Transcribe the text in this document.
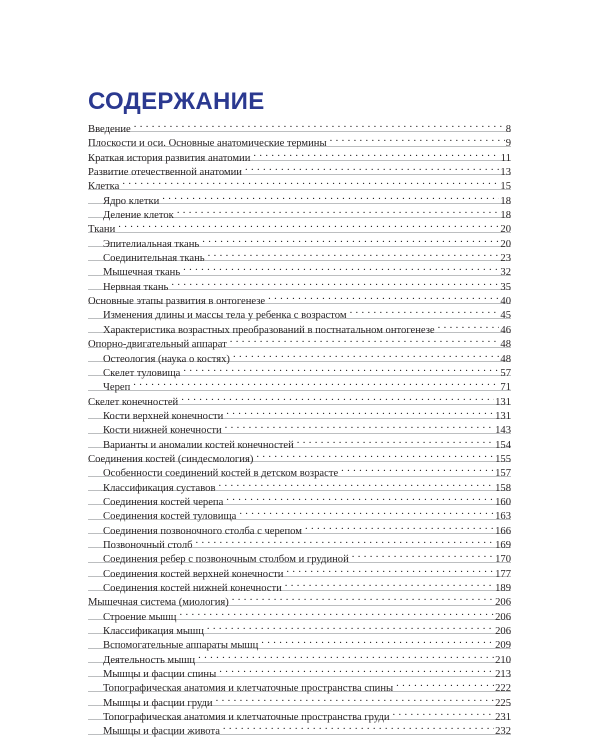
СОДЕРЖАНИЕ
Введение . . .	8
Плоскости и оси. Основные анатомические термины . . .	9
Краткая история развития анатомии . . .	11
Развитие отечественной анатомии . . .	13
Клетка . . .	15
Ядро клетки . . .	18
Деление клеток . . .	18
Ткани . . .	20
Эпителиальная ткань . . .	20
Соединительная ткань . . .	23
Мышечная ткань . . .	32
Нервная ткань . . .	35
Основные этапы развития в онтогенезе . . .	40
Изменения длины и массы тела у ребенка с возрастом . . .	45
Характеристика возрастных преобразований в постнатальном онтогенезе . . .	46
Опорно-двигательный аппарат . . .	48
Остеология (наука о костях) . . .	48
Скелет туловища . . .	57
Череп . . .	71
Скелет конечностей . . .	131
Кости верхней конечности . . .	131
Кости нижней конечности . . .	143
Варианты и аномалии костей конечностей . . .	154
Соединения костей (синдесмология) . . .	155
Особенности соединений костей в детском возрасте . . .	157
Классификация суставов . . .	158
Соединения костей черепа . . .	160
Соединения костей туловища . . .	163
Соединения позвоночного столба с черепом . . .	166
Позвоночный столб . . .	169
Соединения ребер с позвоночным столбом и грудиной . . .	170
Соединения костей верхней конечности . . .	177
Соединения костей нижней конечности . . .	189
Мышечная система (миология) . . .	206
Строение мышц . . .	206
Классификация мышц . . .	206
Вспомогательные аппараты мышц . . .	209
Деятельность мышц . . .	210
Мышцы и фасции спины . . .	213
Топографическая анатомия и клетчаточные пространства спины . . .	222
Мышцы и фасции груди . . .	225
Топографическая анатомия и клетчаточные пространства груди . . .	231
Мышцы и фасции живота . . .	232
